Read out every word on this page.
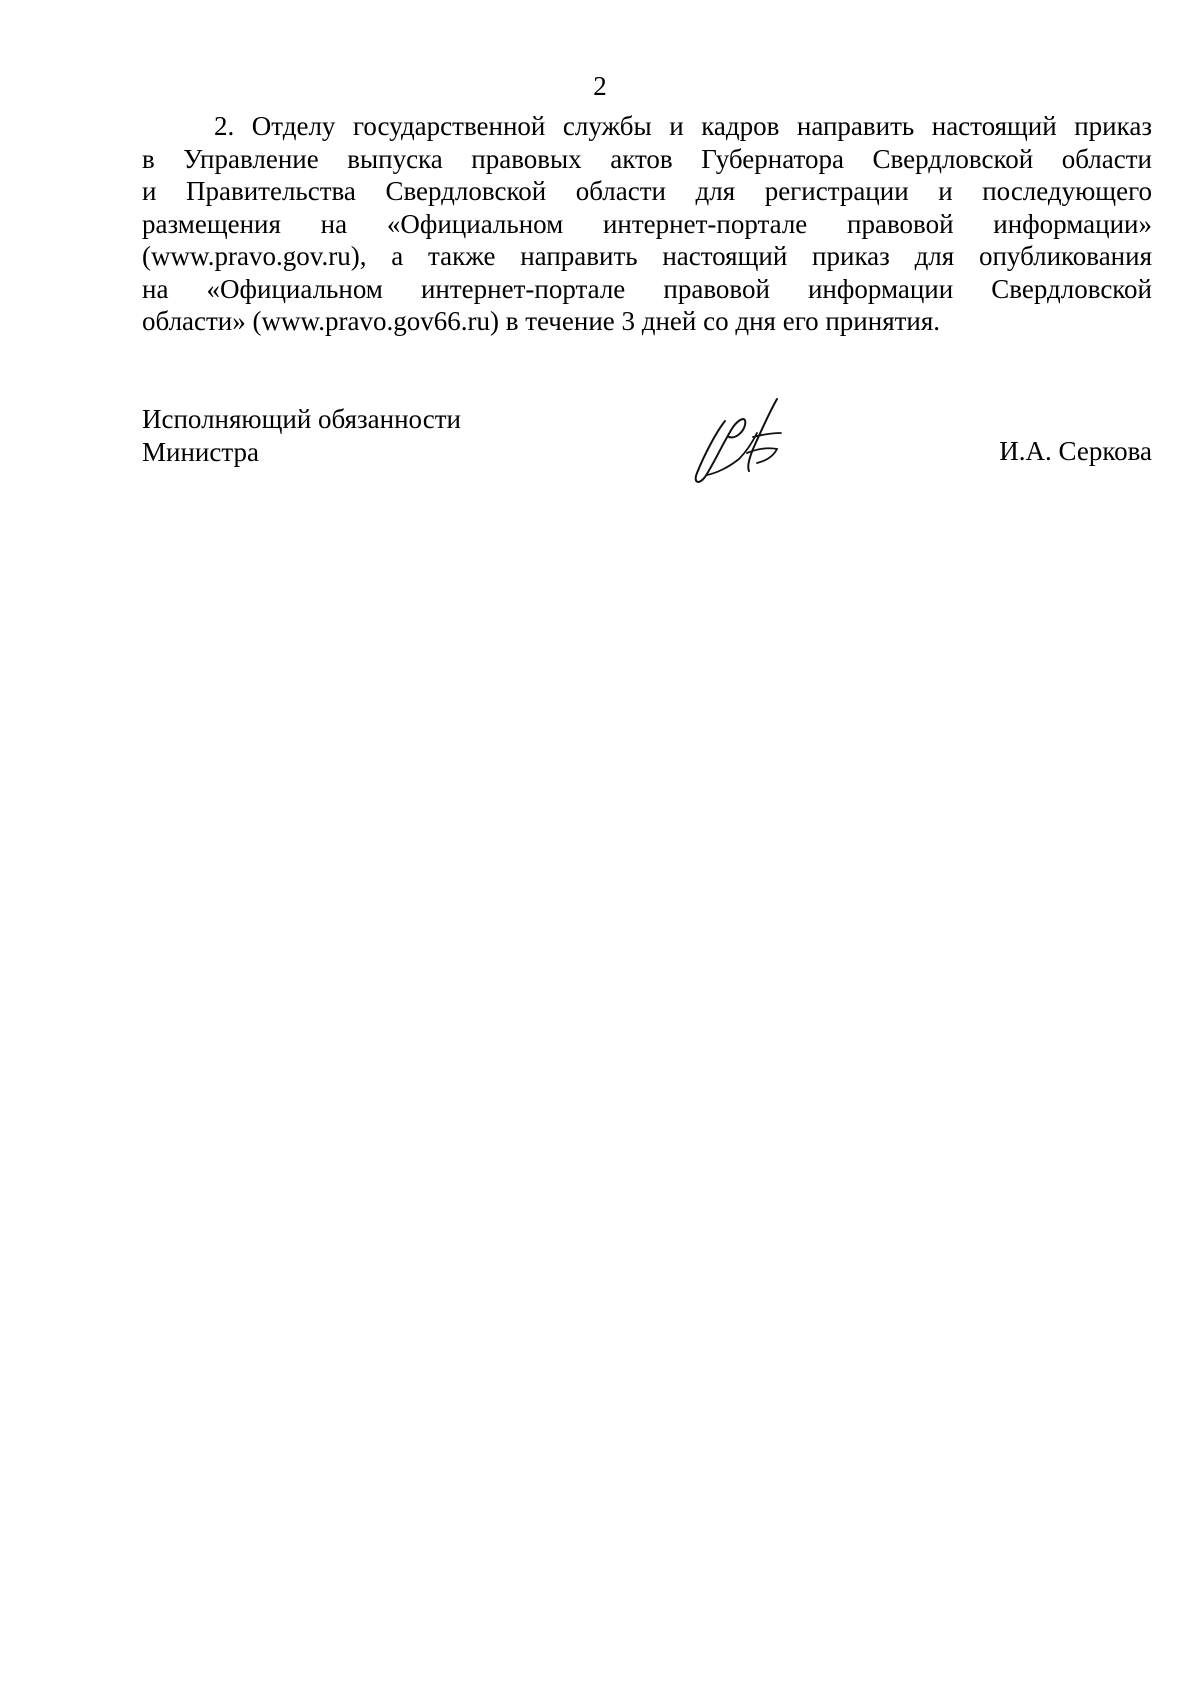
2
2. Отделу государственной службы и кадров направить настоящий приказ
в Управление выпуска правовых актов Губернатора Свердловской области
и Правительства Свердловской области для регистрации и последующего
размещения на «Официальном интернет-портале правовой информации»
(www.pravo.gov.ru), а также направить настоящий приказ для опубликования
на «Официальном интернет-портале правовой информации Свердловской
области» (www.pravo.gov66.ru) в течение 3 дней со дня его принятия.
Исполняющий обязанности
Министра	И.А. Серкова
